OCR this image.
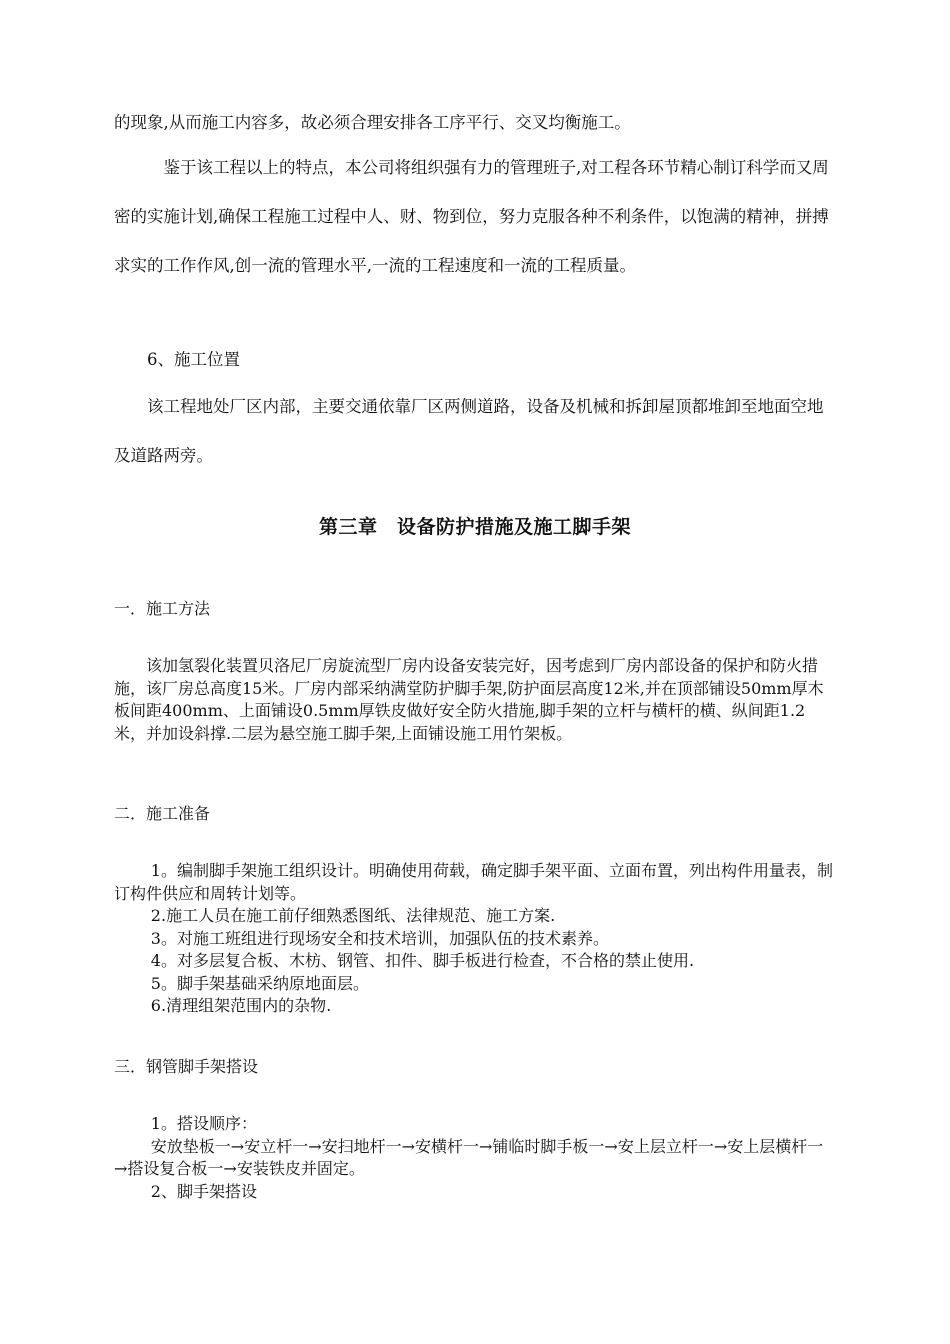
的现象,从而施工内容多，故必须合理安排各工序平行、交叉均衡施工。

鉴于该工程以上的特点，本公司将组织强有力的管理班子,对工程各环节精心制订科学而又周密的实施计划,确保工程施工过程中人、财、物到位，努力克服各种不利条件，以饱满的精神，拼搏求实的工作作风,创一流的管理水平,一流的工程速度和一流的工程质量。

6、施工位置

该工程地处厂区内部，主要交通依靠厂区两侧道路，设备及机械和拆卸屋顶都堆卸至地面空地及道路两旁。

第三章　设备防护措施及施工脚手架

一．施工方法

该加氢裂化装置贝洛尼厂房旋流型厂房内设备安装完好，因考虑到厂房内部设备的保护和防火措施，该厂房总高度15米。厂房内部采纳满堂防护脚手架,防护面层高度12米,并在顶部铺设50mm厚木板间距400mm、上面铺设0.5mm厚铁皮做好安全防火措施,脚手架的立杆与横杆的横、纵间距1.2米，并加设斜撑.二层为悬空施工脚手架,上面铺设施工用竹架板。

二．施工准备

1。编制脚手架施工组织设计。明确使用荷载，确定脚手架平面、立面布置，列出构件用量表，制订构件供应和周转计划等。

2.施工人员在施工前仔细熟悉图纸、法律规范、施工方案.

3。对施工班组进行现场安全和技术培训，加强队伍的技术素养。

4。对多层复合板、木枋、钢管、扣件、脚手板进行检查，不合格的禁止使用.

5。脚手架基础采纳原地面层。

6.清理组架范围内的杂物.

三．钢管脚手架搭设

1。搭设顺序：

安放垫板一→安立杆一→安扫地杆一→安横杆一→铺临时脚手板一→安上层立杆一→安上层横杆一→搭设复合板一→安装铁皮并固定。

2、脚手架搭设
